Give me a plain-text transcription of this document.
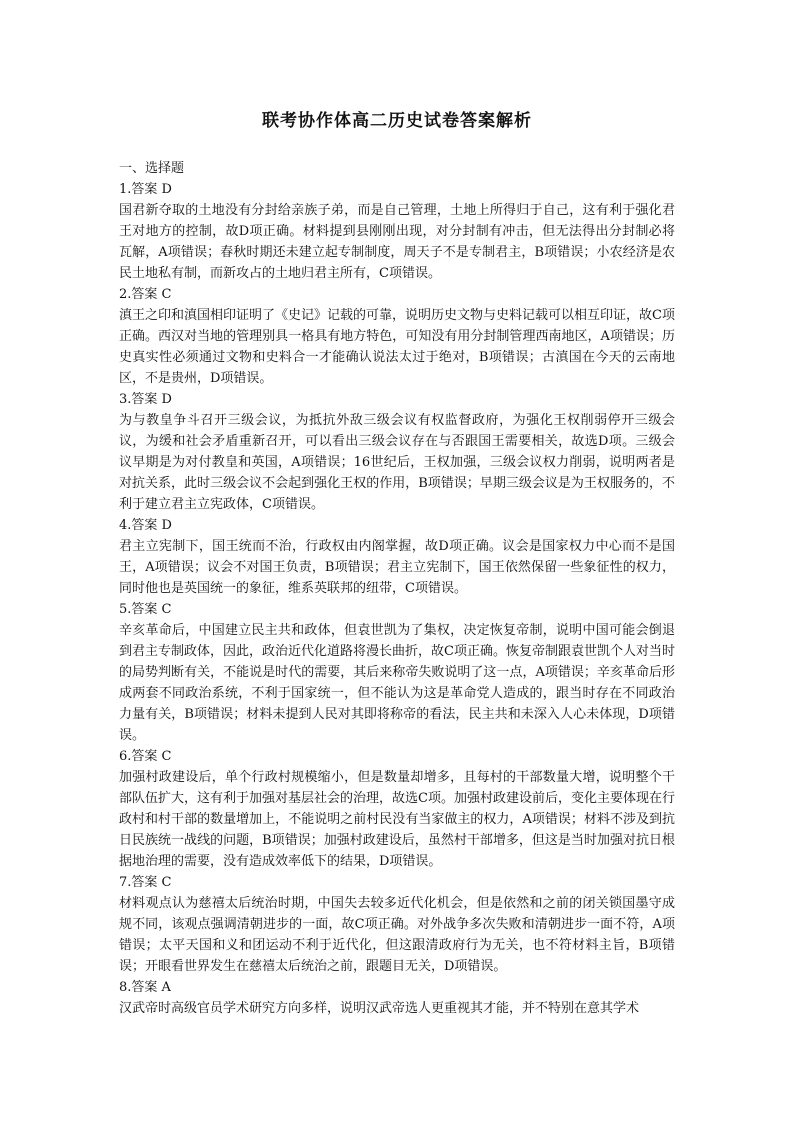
联考协作体高二历史试卷答案解析

一、选择题

1.答案 D

国君新夺取的土地没有分封给亲族子弟，而是自己管理，土地上所得归于自己，这有利于强化君王对地方的控制，故D项正确。材料提到县刚刚出现，对分封制有冲击，但无法得出分封制必将瓦解，A项错误；春秋时期还未建立起专制制度，周天子不是专制君主，B项错误；小农经济是农民土地私有制，而新攻占的土地归君主所有，C项错误。

2.答案 C

滇王之印和滇国相印证明了《史记》记载的可靠，说明历史文物与史料记载可以相互印证，故C项正确。西汉对当地的管理别具一格具有地方特色，可知没有用分封制管理西南地区，A项错误；历史真实性必须通过文物和史料合一才能确认说法太过于绝对，B项错误；古滇国在今天的云南地区，不是贵州，D项错误。

3.答案 D

为与教皇争斗召开三级会议，为抵抗外敌三级会议有权监督政府，为强化王权削弱停开三级会议，为缓和社会矛盾重新召开，可以看出三级会议存在与否跟国王需要相关，故选D项。三级会议早期是为对付教皇和英国，A项错误；16世纪后，王权加强，三级会议权力削弱，说明两者是对抗关系，此时三级会议不会起到强化王权的作用，B项错误；早期三级会议是为王权服务的，不利于建立君主立宪政体，C项错误。

4.答案 D

君主立宪制下，国王统而不治，行政权由内阁掌握，故D项正确。议会是国家权力中心而不是国王，A项错误；议会不对国王负责，B项错误；君主立宪制下，国王依然保留一些象征性的权力，同时他也是英国统一的象征，维系英联邦的纽带，C项错误。

5.答案 C

辛亥革命后，中国建立民主共和政体，但袁世凯为了集权，决定恢复帝制，说明中国可能会倒退到君主专制政体，因此，政治近代化道路将漫长曲折，故C项正确。恢复帝制跟袁世凯个人对当时的局势判断有关，不能说是时代的需要，其后来称帝失败说明了这一点，A项错误；辛亥革命后形成两套不同政治系统，不利于国家统一，但不能认为这是革命党人造成的，跟当时存在不同政治力量有关，B项错误；材料未提到人民对其即将称帝的看法，民主共和未深入人心未体现，D项错误。

6.答案 C

加强村政建设后，单个行政村规模缩小，但是数量却增多，且每村的干部数量大增，说明整个干部队伍扩大，这有利于加强对基层社会的治理，故选C项。加强村政建设前后，变化主要体现在行政村和村干部的数量增加上，不能说明之前村民没有当家做主的权力，A项错误；材料不涉及到抗日民族统一战线的问题，B项错误；加强村政建设后，虽然村干部增多，但这是当时加强对抗日根据地治理的需要，没有造成效率低下的结果，D项错误。

7.答案 C

材料观点认为慈禧太后统治时期，中国失去较多近代化机会，但是依然和之前的闭关锁国墨守成规不同，该观点强调清朝进步的一面，故C项正确。对外战争多次失败和清朝进步一面不符，A项错误；太平天国和义和团运动不利于近代化，但这跟清政府行为无关，也不符材料主旨，B项错误；开眼看世界发生在慈禧太后统治之前，跟题目无关，D项错误。

8.答案 A

汉武帝时高级官员学术研究方向多样，说明汉武帝选人更重视其才能，并不特别在意其学术
